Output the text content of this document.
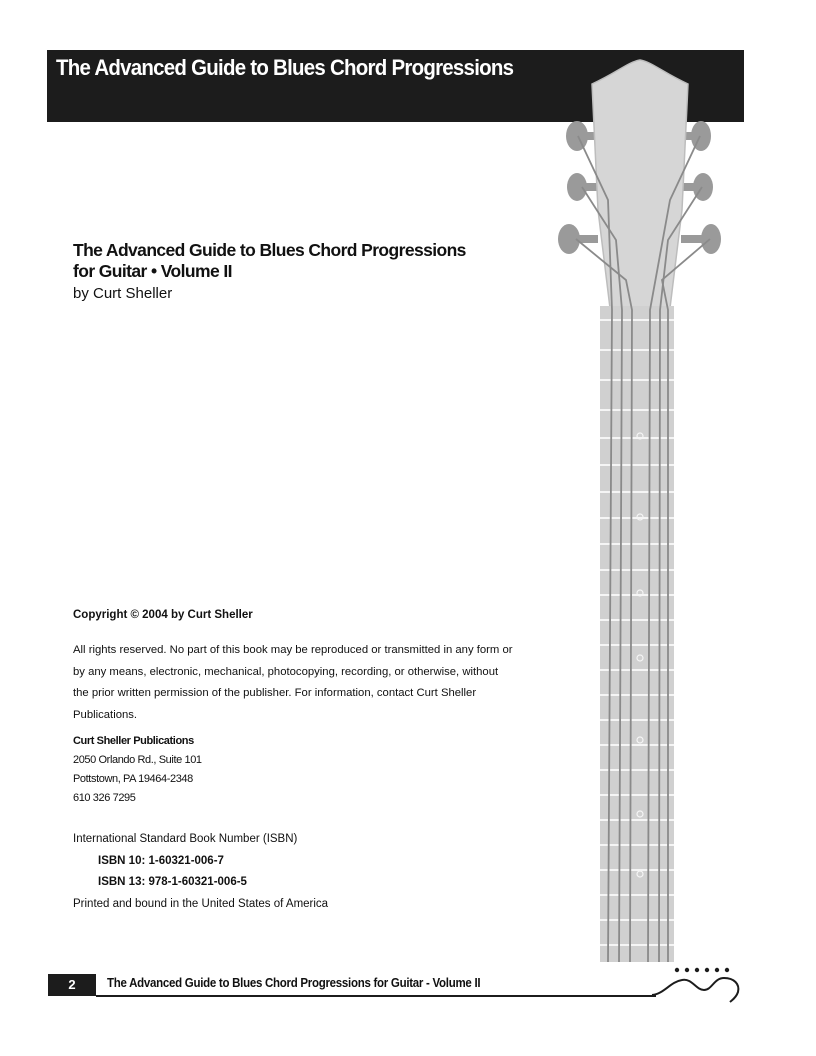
The Advanced Guide to Blues Chord Progressions
The Advanced Guide to Blues Chord Progressions
for Guitar • Volume II

by Curt Sheller

Copyright © 2004 by Curt Sheller

All rights reserved. No part of this book may be reproduced or transmitted in any form or by any means, electronic, mechanical, photocopying, recording, or otherwise, without the prior written permission of the publisher. For information, contact Curt Sheller Publications.

Curt Sheller Publications
2050 Orlando Rd., Suite 101
Pottstown, PA 19464-2348
610 326 7295
International Standard Book Number (ISBN)
ISBN 10: 1-60321-006-7
ISBN 13: 978-1-60321-006-5
Printed and bound in the United States of America
2	The Advanced Guide to Blues Chord Progressions for Guitar - Volume II
